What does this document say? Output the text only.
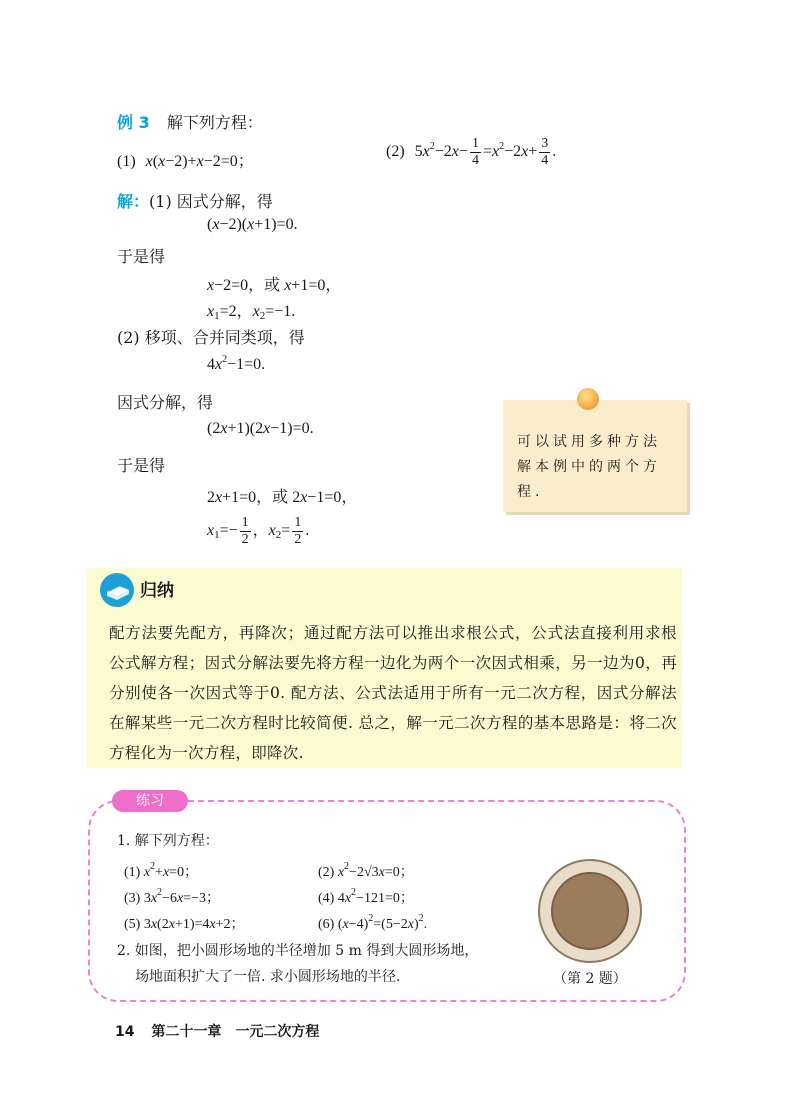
例 3 解下列方程：
(1) x(x−2)+x−2=0；
(2) $5x^2-2x- \frac{1}{4} =x^2-2x+ \frac{3}{4}$ .
解：(1) 因式分解，得
(x−2)(x+1)=0.
于是得
x−2=0，或 x+1=0，
$x_1=2$，$x_2=-1$.
(2) 移项、合并同类项，得
$4x^2-1=0$.
因式分解，得
(2x+1)(2x−1)=0.
于是得
2x+1=0，或 2x−1=0，
$x_1=- \frac{1}{2}$ ，$x_2= \frac{1}{2}$ .
可以试用多种方法解本例中的两个方程.
归纳
配方法要先配方，再降次；通过配方法可以推出求根公式，公式法直接利用求根公式解方程；因式分解法要先将方程一边化为两个一次因式相乘，另一边为0，再分别使各一次因式等于0. 配方法、公式法适用于所有一元二次方程，因式分解法在解某些一元二次方程时比较简便. 总之，解一元二次方程的基本思路是：将二次方程化为一次方程，即降次.
练习
1. 解下列方程：
(1) $x^2+x=0$；	(2) $x^2-2√3x=0$；
(3) $3x^2-6x=-3$；	(4) $4x^2-121=0$；
(5) 3x(2x+1)=4x+2；	(6) $(x-4)^2=(5-2x)^2$.
2. 如图，把小圆形场地的半径增加 5 m 得到大圆形场地，
场地面积扩大了一倍. 求小圆形场地的半径.	（第 2 题）
14 第二十一章　一元二次方程
